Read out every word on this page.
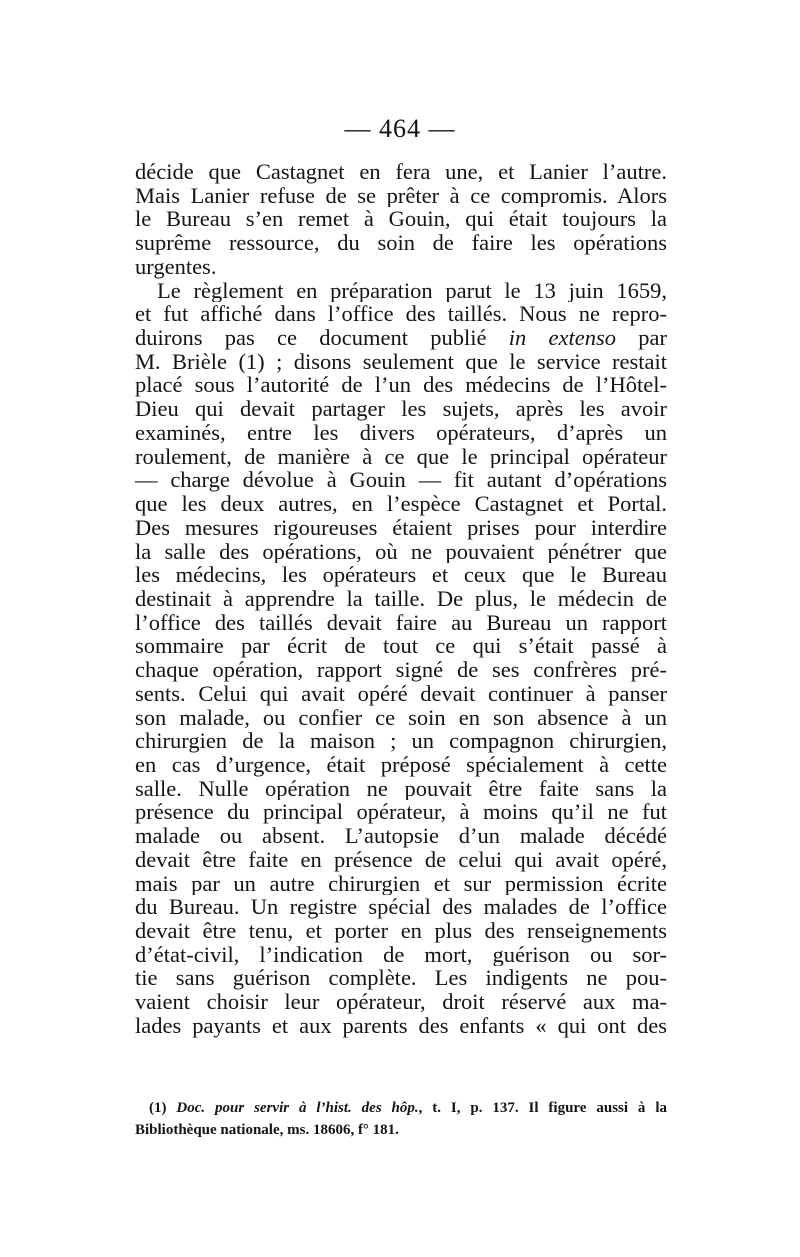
— 464 —
décide que Castagnet en fera une, et Lanier l’autre.
Mais Lanier refuse de se prêter à ce compromis. Alors
le Bureau s’en remet à Gouin, qui était toujours la
suprême ressource, du soin de faire les opérations
urgentes.
Le règlement en préparation parut le 13 juin 1659,
et fut affiché dans l’office des taillés. Nous ne repro-
duirons pas ce document publié in extenso par
M. Brièle (1) ; disons seulement que le service restait
placé sous l’autorité de l’un des médecins de l’Hôtel-
Dieu qui devait partager les sujets, après les avoir
examinés, entre les divers opérateurs, d’après un
roulement, de manière à ce que le principal opérateur
— charge dévolue à Gouin — fit autant d’opérations
que les deux autres, en l’espèce Castagnet et Portal.
Des mesures rigoureuses étaient prises pour interdire
la salle des opérations, où ne pouvaient pénétrer que
les médecins, les opérateurs et ceux que le Bureau
destinait à apprendre la taille. De plus, le médecin de
l’office des taillés devait faire au Bureau un rapport
sommaire par écrit de tout ce qui s’était passé à
chaque opération, rapport signé de ses confrères pré-
sents. Celui qui avait opéré devait continuer à panser
son malade, ou confier ce soin en son absence à un
chirurgien de la maison ; un compagnon chirurgien,
en cas d’urgence, était préposé spécialement à cette
salle. Nulle opération ne pouvait être faite sans la
présence du principal opérateur, à moins qu’il ne fut
malade ou absent. L’autopsie d’un malade décédé
devait être faite en présence de celui qui avait opéré,
mais par un autre chirurgien et sur permission écrite
du Bureau. Un registre spécial des malades de l’office
devait être tenu, et porter en plus des renseignements
d’état-civil, l’indication de mort, guérison ou sor-
tie sans guérison complète. Les indigents ne pou-
vaient choisir leur opérateur, droit réservé aux ma-
lades payants et aux parents des enfants « qui ont des
(1) Doc. pour servir à l’hist. des hôp., t. I, p. 137. Il figure aussi à la
Bibliothèque nationale, ms. 18606, f° 181.
